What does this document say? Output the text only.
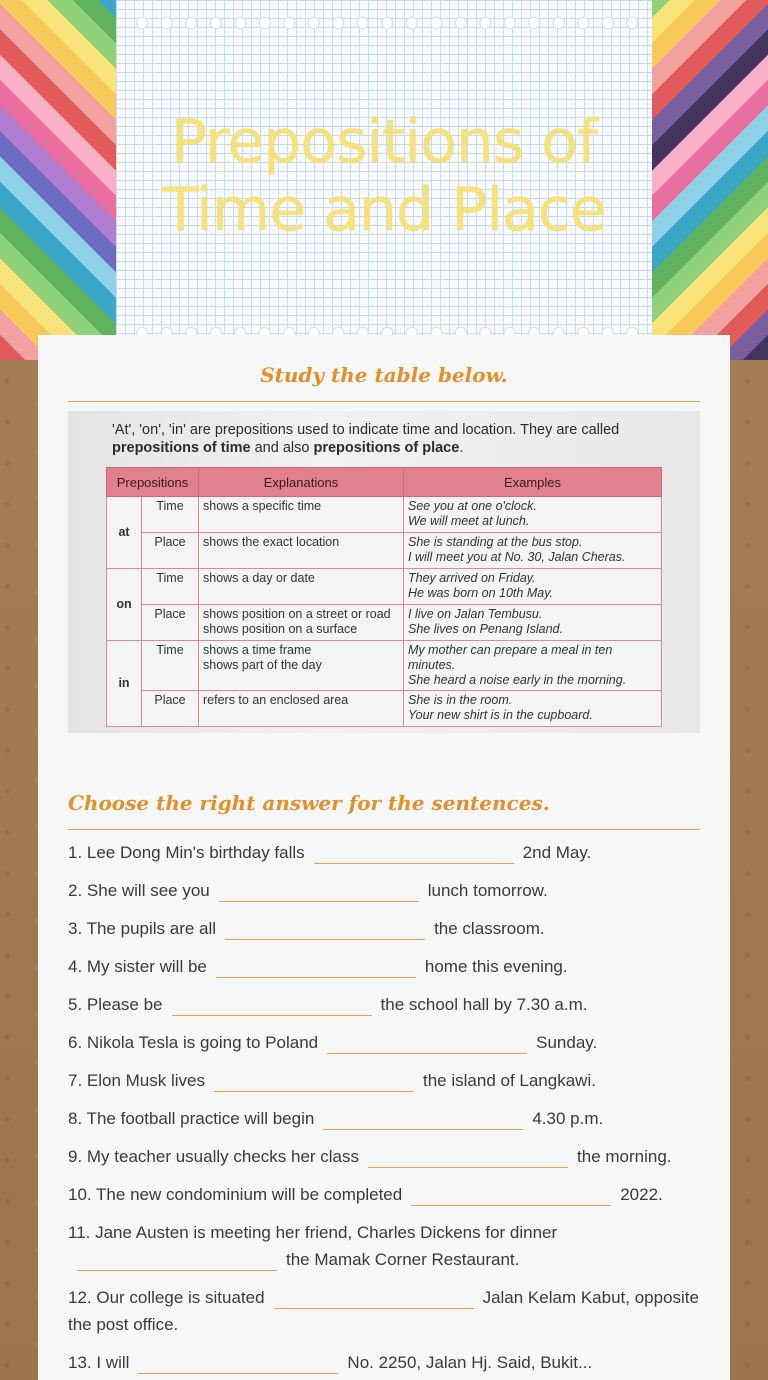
Prepositions of Time and Place
Study the table below.
'At', 'on', 'in' are prepositions used to indicate time and location. They are called prepositions of time and also prepositions of place.
Prepositions		Explanations	Examples
at	Time	shows a specific time	See you at one o'clock.
We will meet at lunch.
	Place	shows the exact location	She is standing at the bus stop.
I will meet you at No. 30, Jalan Cheras.
on	Time	shows a day or date	They arrived on Friday.
He was born on 10th May.
	Place	shows position on a street or road
shows position on a surface	I live on Jalan Tembusu.
She lives on Penang Island.
in	Time	shows a time frame
shows part of the day	My mother can prepare a meal in ten minutes.
She heard a noise early in the morning.
	Place	refers to an enclosed area	She is in the room.
Your new shirt is in the cupboard.
Choose the right answer for the sentences.
1. Lee Dong Min's birthday falls	2nd May.
2. She will see you	lunch tomorrow.
3. The pupils are all	the classroom.
4. My sister will be	home this evening.
5. Please be	the school hall by 7.30 a.m.
6. Nikola Tesla is going to Poland	Sunday.
7. Elon Musk lives	the island of Langkawi.
8. The football practice will begin	4.30 p.m.
9. My teacher usually checks her class	the morning.
10. The new condominium will be completed	2022.
11. Jane Austen is meeting her friend, Charles Dickens for dinnerthe Mamak Corner Restaurant.
12. Our college is situated	Jalan Kelam Kabut, opposite the post office.
13. I will	No. 2250, Jalan Hj. Said, Bukit...
